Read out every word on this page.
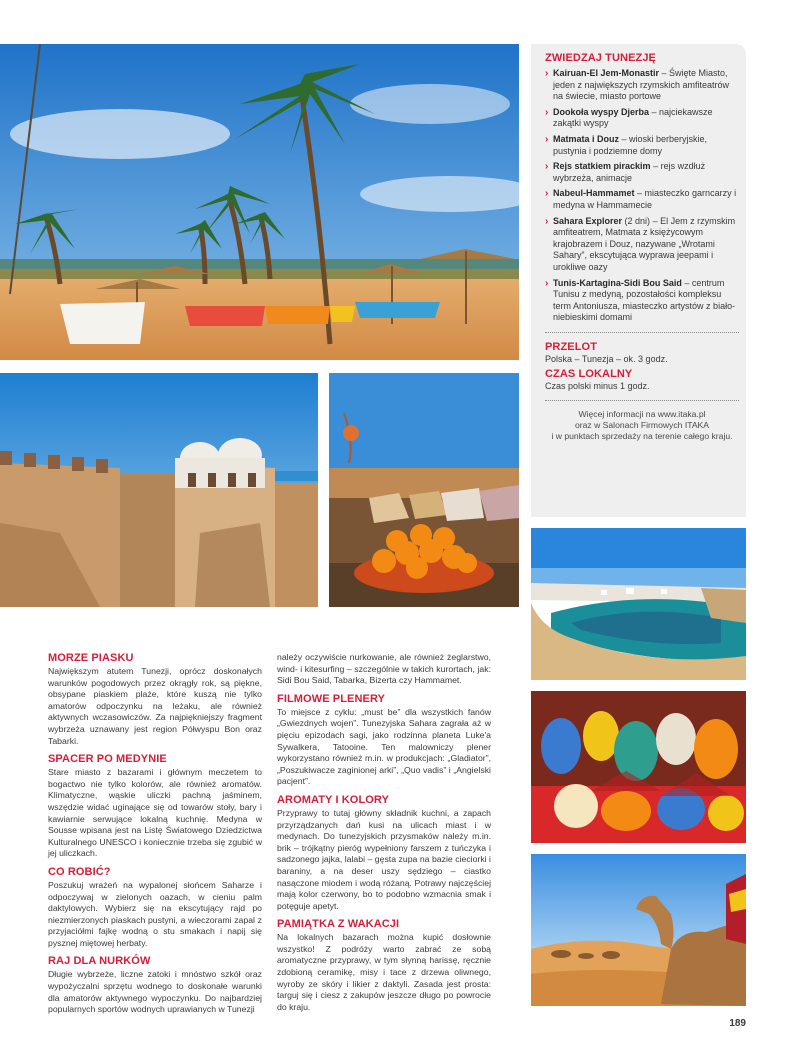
ZWIEDZAJ TUNEZJĘ
› Kairuan-El Jem-Monastir – Święte Miasto, jeden z największych rzymskich amfiteatrów na świecie, miasto portowe
› Dookoła wyspy Djerba – najciekawsze zakątki wyspy
› Matmata i Douz – wioski berberyjskie, pustynia i podziemne domy
› Rejs statkiem pirackim – rejs wzdłuż wybrzeża, animacje
› Nabeul-Hammamet – miasteczko garncarzy i medyna w Hammamecie
› Sahara Explorer (2 dni) – El Jem z rzymskim amfiteatrem, Matmata z księżycowym krajobrazem i Douz, nazywane „Wrotami Sahary”, ekscytująca wyprawa jeepami i urokliwe oazy
› Tunis-Kartagina-Sidi Bou Said – centrum Tunisu z medyną, pozostałości kompleksu term Antoniusza, miasteczko artystów z biało-niebieskimi domami
PRZELOT
Polska – Tunezja – ok. 3 godz.
CZAS LOKALNY
Czas polski minus 1 godz.
Więcej informacji na www.itaka.pl
oraz w Salonach Firmowych ITAKA
i w punktach sprzedaży na terenie całego kraju.
MORZE PIASKU
Największym atutem Tunezji, oprócz doskonałych warunków pogodowych przez okrągły rok, są piękne, obsypane piaskiem plaże, które kuszą nie tylko amatorów odpoczynku na leżaku, ale również aktywnych wczasowiczów. Za najpiękniejszy fragment wybrzeża uznawany jest region Półwyspu Bon oraz Tabarki.
SPACER PO MEDYNIE
Stare miasto z bazarami i głównym meczetem to bogactwo nie tylko kolorów, ale również aromatów. Klimatyczne, wąskie uliczki pachną jaśminem, wszędzie widać uginające się od towarów stoły, bary i kawiarnie serwujące lokalną kuchnię. Medyna w Sousse wpisana jest na Listę Światowego Dziedzictwa Kulturalnego UNESCO i koniecznie trzeba się zgubić w jej uliczkach.
CO ROBIĆ?
Poszukuj wrażeń na wypalonej słońcem Saharze i odpoczywaj w zielonych oazach, w cieniu palm daktylowych. Wybierz się na ekscytujący rajd po niezmierzonych piaskach pustyni, a wieczorami zapal z przyjaciółmi fajkę wodną o stu smakach i napij się pysznej miętowej herbaty.
RAJ DLA NURKÓW
Długie wybrzeże, liczne zatoki i mnóstwo szkół oraz wypożyczalni sprzętu wodnego to doskonałe warunki dla amatorów aktywnego wypoczynku. Do najbardziej popularnych sportów wodnych uprawianych w Tunezji
należy oczywiście nurkowanie, ale również żeglarstwo, wind- i kitesurfing – szczególnie w takich kurortach, jak: Sidi Bou Said, Tabarka, Bizerta czy Hammamet.
FILMOWE PLENERY
To miejsce z cyklu: „must be” dla wszystkich fanów „Gwiezdnych wojen”. Tunezyjska Sahara zagrała aż w pięciu epizodach sagi, jako rodzinna planeta Luke'a Sywalkera, Tatooine. Ten malowniczy plener wykorzystano również m.in. w produkcjach: „Gladiator”, „Poszukiwacze zaginionej arki”, „Quo vadis” i „Angielski pacjent”.
AROMATY I KOLORY
Przyprawy to tutaj główny składnik kuchni, a zapach przyrządzanych dań kusi na ulicach miast i w medynach. Do tunezyjskich przysmaków należy m.in. brik – trójkątny pieróg wypełniony farszem z tuńczyka i sadzonego jajka, lalabi – gęsta zupa na bazie cieciorki i baraniny, a na deser uszy sędziego – ciastko nasączone miodem i wodą różaną. Potrawy najczęściej mają kolor czerwony, bo to podobno wzmacnia smak i potęguje apetyt.
PAMIĄTKA Z WAKACJI
Na lokalnych bazarach można kupić dosłownie wszystko! Z podróży warto zabrać ze sobą aromatyczne przyprawy, w tym słynną harissę, ręcznie zdobioną ceramikę, misy i tace z drzewa oliwnego, wyroby ze skóry i likier z daktyli. Zasada jest prosta: targuj się i ciesz z zakupów jeszcze długo po powrocie do kraju.
189
